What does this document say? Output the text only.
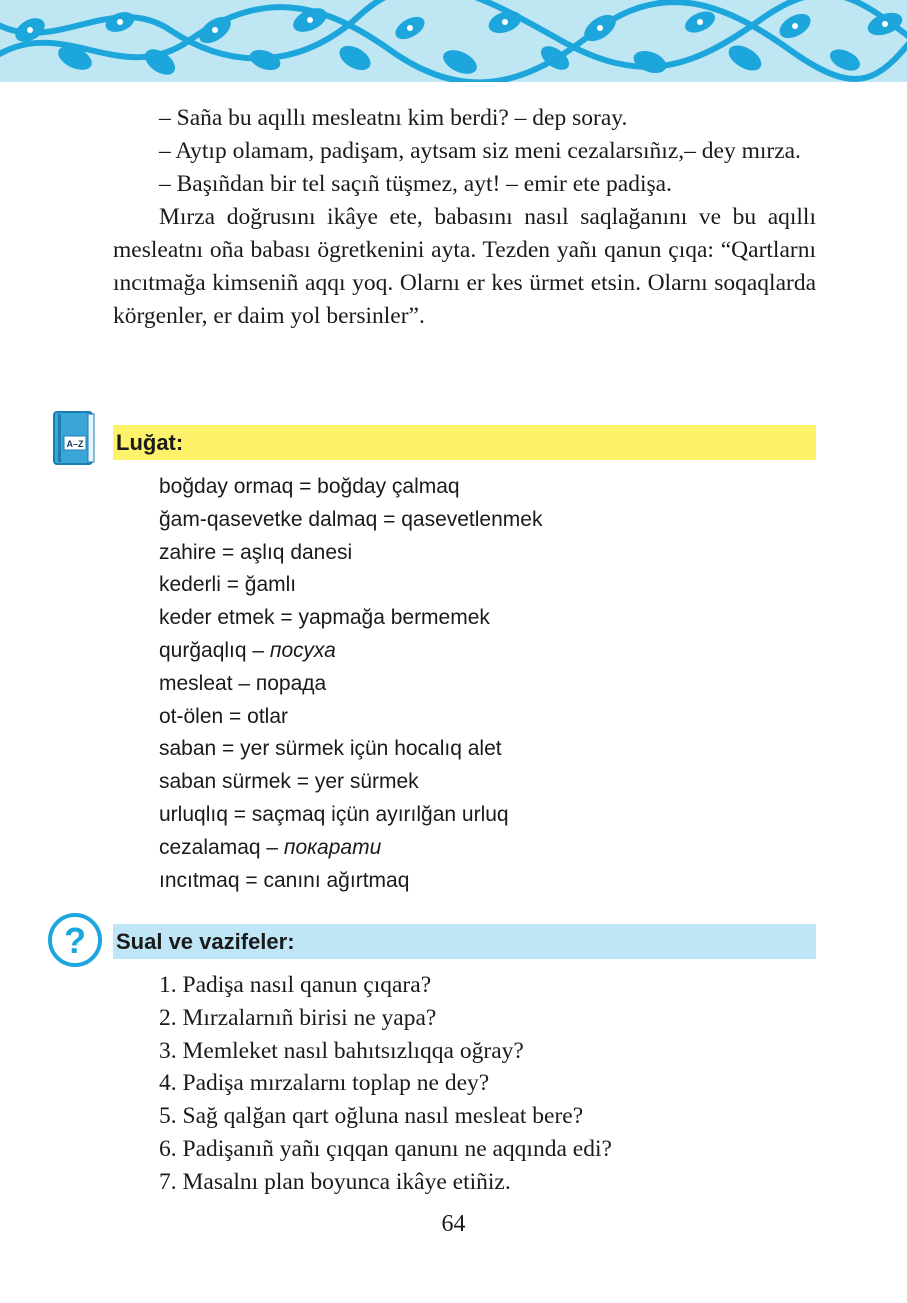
– Saña bu aqıllı mesleatnı kim berdi? – dep soray.

– Aytıp olamam, padişam, aytsam siz meni cezalarsıñız,– dey mırza.

– Başıñdan bir tel saçıñ tüşmez, ayt! – emir ete padişa.

Mırza doğrusını ikâye ete, babasını nasıl saqlağanını ve bu aqıllı mesleatnı oña babası ögretkenini ayta. Tezden yañı qanun çıqa: “Qartlarnı ıncıtmağa kimseniñ aqqı yoq. Olarnı er kes ürmet etsin. Olarnı soqaqlarda körgenler, er daim yol bersinler”.

A–Z Luğat:
boğday ormaq = boğday çalmaq
ğam-qasevetke dalmaq = qasevetlenmek
zahire = aşlıq danesi
kederli = ğamlı
keder etmek = yapmağa bermemek
qurğaqlıq – посуха
mesleat – порада
ot-ölen = otlar
saban = yer sürmek içün hocalıq alet
saban sürmek = yer sürmek
urluqlıq = saçmaq içün ayırılğan urluq
cezalamaq – покарати
ıncıtmaq = canını ağırtmaq
? Sual ve vazifeler:
1. Padişa nasıl qanun çıqara?
2. Mırzalarnıñ birisi ne yapa?
3. Memleket nasıl bahıtsızlıqqa oğray?
4. Padişa mırzalarnı toplap ne dey?
5. Sağ qalğan qart oğluna nasıl mesleat bere?
6. Padişanıñ yañı çıqqan qanunı ne aqqında edi?
7. Masalnı plan boyunca ikâye etiñiz.
64
